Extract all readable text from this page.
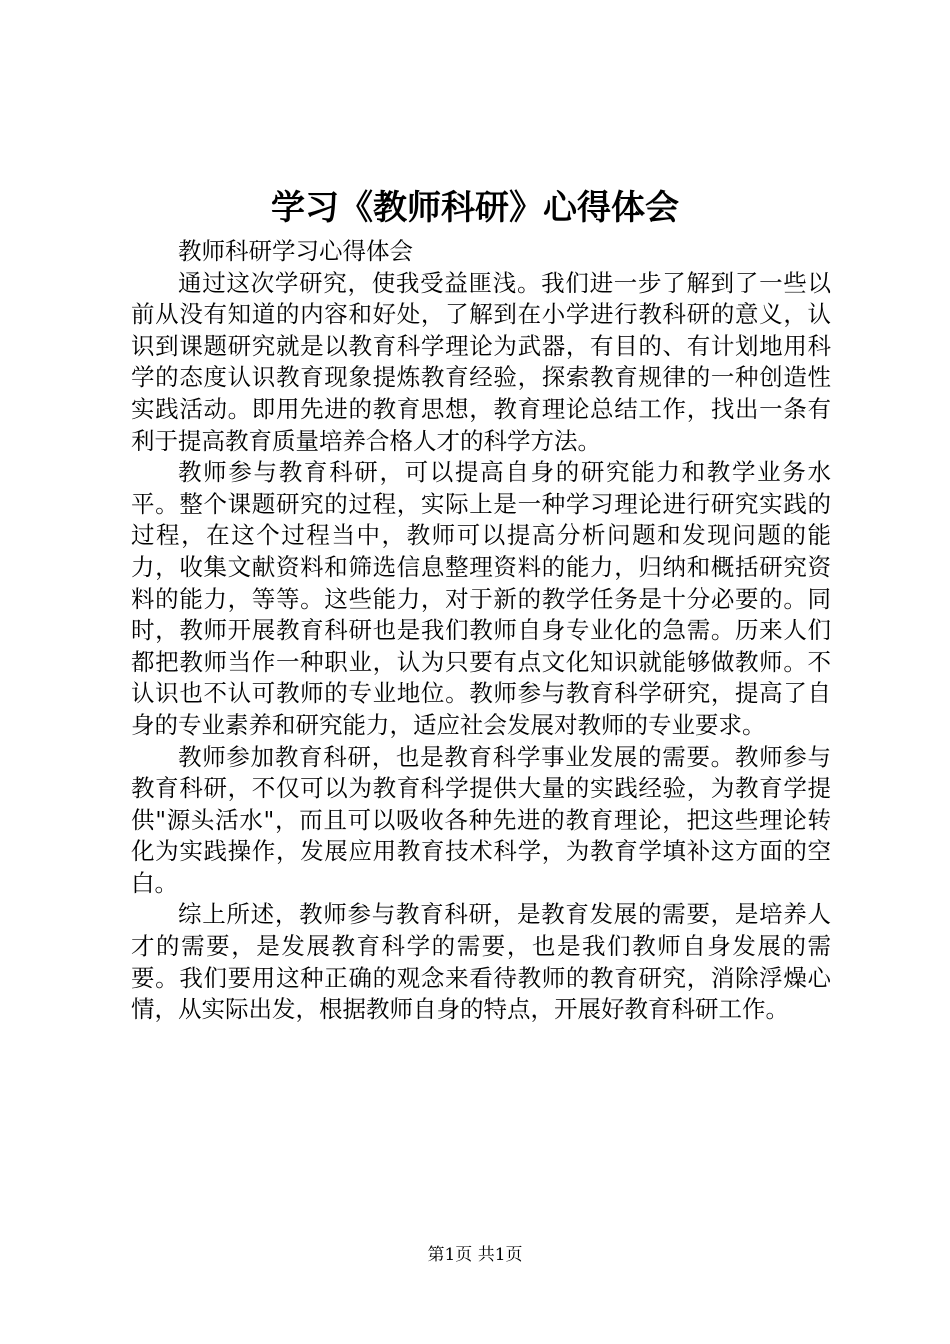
学习《教师科研》心得体会

教师科研学习心得体会

通过这次学研究，使我受益匪浅。我们进一步了解到了一些以前从没有知道的内容和好处，了解到在小学进行教科研的意义，认识到课题研究就是以教育科学理论为武器，有目的、有计划地用科学的态度认识教育现象提炼教育经验，探索教育规律的一种创造性实践活动。即用先进的教育思想，教育理论总结工作，找出一条有利于提高教育质量培养合格人才的科学方法。

教师参与教育科研，可以提高自身的研究能力和教学业务水平。整个课题研究的过程，实际上是一种学习理论进行研究实践的过程，在这个过程当中，教师可以提高分析问题和发现问题的能力，收集文献资料和筛选信息整理资料的能力，归纳和概括研究资料的能力，等等。这些能力，对于新的教学任务是十分必要的。同时，教师开展教育科研也是我们教师自身专业化的急需。历来人们都把教师当作一种职业，认为只要有点文化知识就能够做教师。不认识也不认可教师的专业地位。教师参与教育科学研究，提高了自身的专业素养和研究能力，适应社会发展对教师的专业要求。

教师参加教育科研，也是教育科学事业发展的需要。教师参与教育科研，不仅可以为教育科学提供大量的实践经验，为教育学提供"源头活水"，而且可以吸收各种先进的教育理论，把这些理论转化为实践操作，发展应用教育技术科学，为教育学填补这方面的空白。

综上所述，教师参与教育科研，是教育发展的需要，是培养人才的需要，是发展教育科学的需要，也是我们教师自身发展的需要。我们要用这种正确的观念来看待教师的教育研究，消除浮燥心情，从实际出发，根据教师自身的特点，开展好教育科研工作。

第1页 共1页
